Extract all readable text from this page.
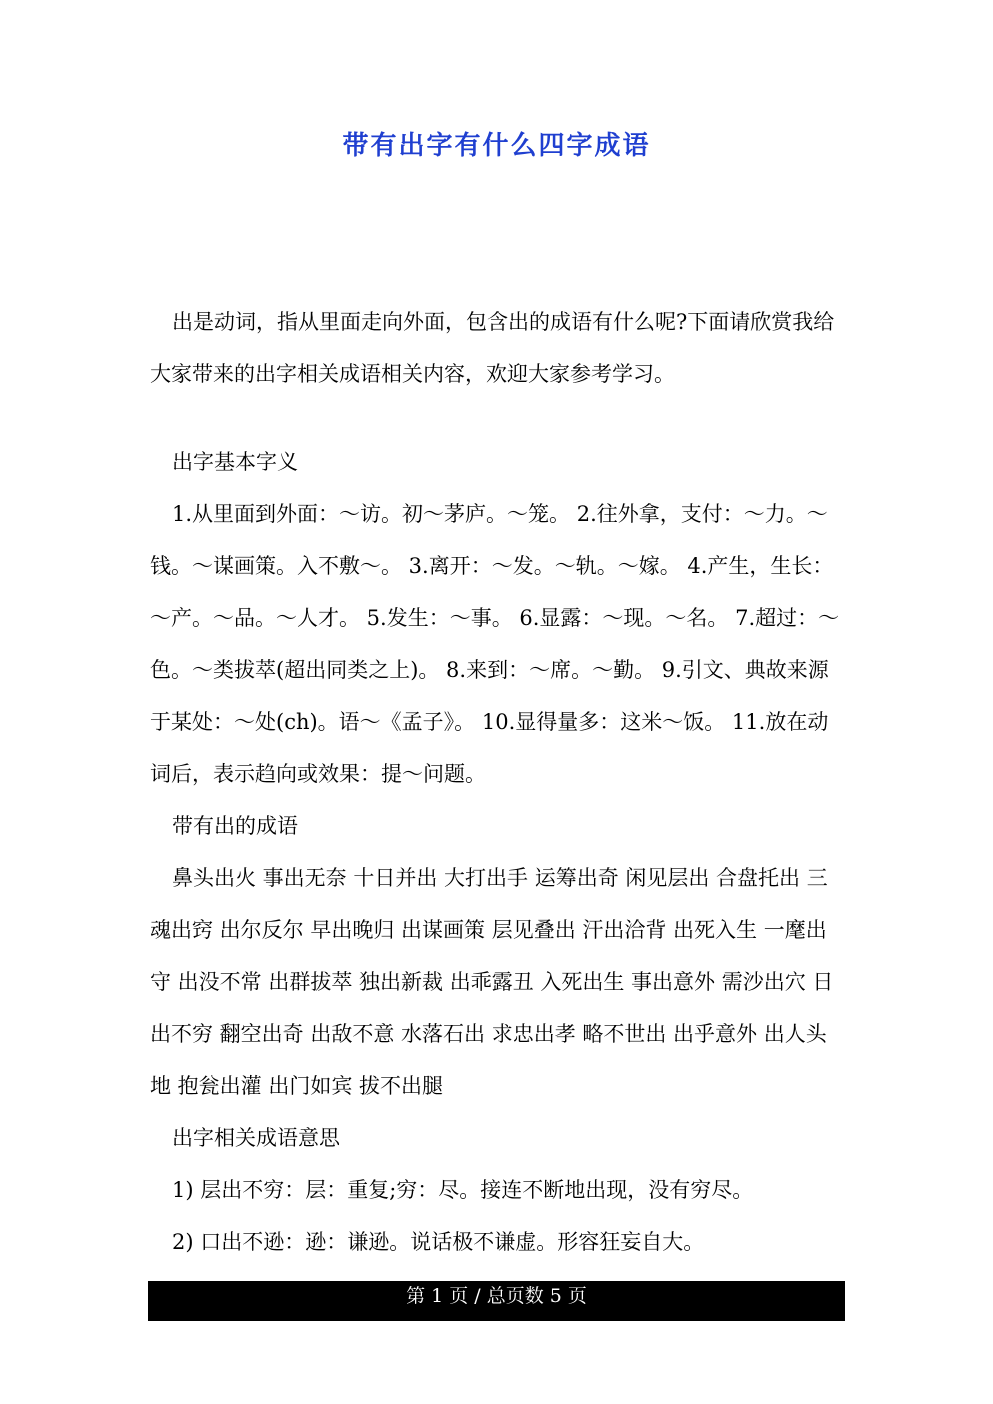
带有出字有什么四字成语

出是动词，指从里面走向外面，包含出的成语有什么呢?下面请欣赏我给大家带来的出字相关成语相关内容，欢迎大家参考学习。

出字基本字义

1.从里面到外面：～访。初～茅庐。～笼。 2.往外拿，支付：～力。～钱。～谋画策。入不敷～。 3.离开：～发。～轨。～嫁。 4.产生，生长：～产。～品。～人才。 5.发生：～事。 6.显露：～现。～名。 7.超过：～色。～类拔萃(超出同类之上)。 8.来到：～席。～勤。 9.引文、典故来源于某处：～处(ch)。语～《孟子》。 10.显得量多：这米～饭。 11.放在动词后，表示趋向或效果：提～问题。

带有出的成语

鼻头出火 事出无奈 十日并出 大打出手 运筹出奇 闲见层出 合盘托出 三魂出窍 出尔反尔 早出晚归 出谋画策 层见叠出 汗出洽背 出死入生 一麾出守 出没不常 出群拔萃 独出新裁 出乖露丑 入死出生 事出意外 需沙出穴 日出不穷 翻空出奇 出敌不意 水落石出 求忠出孝 略不世出 出乎意外 出人头地 抱瓮出灌 出门如宾 拔不出腿

出字相关成语意思

1) 层出不穷：层：重复;穷：尽。接连不断地出现，没有穷尽。

2) 口出不逊：逊：谦逊。说话极不谦虚。形容狂妄自大。

第 1 页 / 总页数 5 页
